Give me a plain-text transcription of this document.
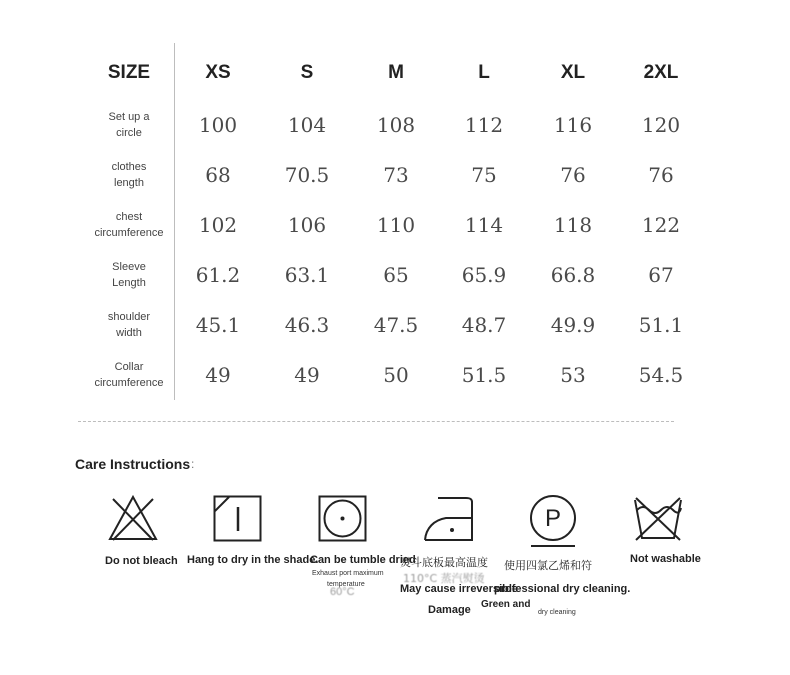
SIZE	XS	S	M	L	XL	2XL
Set up a
circle	100	104	108	112	116	120
clothes
length	68	70.5	73	75	76	76
chest
circumference	102	106	110	114	118	122
Sleeve
Length	61.2	63.1	65	65.9	66.8	67
shoulder
width	45.1	46.3	47.5	48.7	49.9	51.1
Collar
circumference	49	49	50	51.5	53	54.5
Care Instructions :
Do not bleach Hang to dry in the shade.
Can be tumble dried
Exhaust port maximum
temperature
60°C
熨斗底板最高温度
110°C 蒸汽熨烫
May cause irreversible
Damage
P
使用四氯乙烯和符
professional dry cleaning.
Green and
dry cleaning
Not washable
